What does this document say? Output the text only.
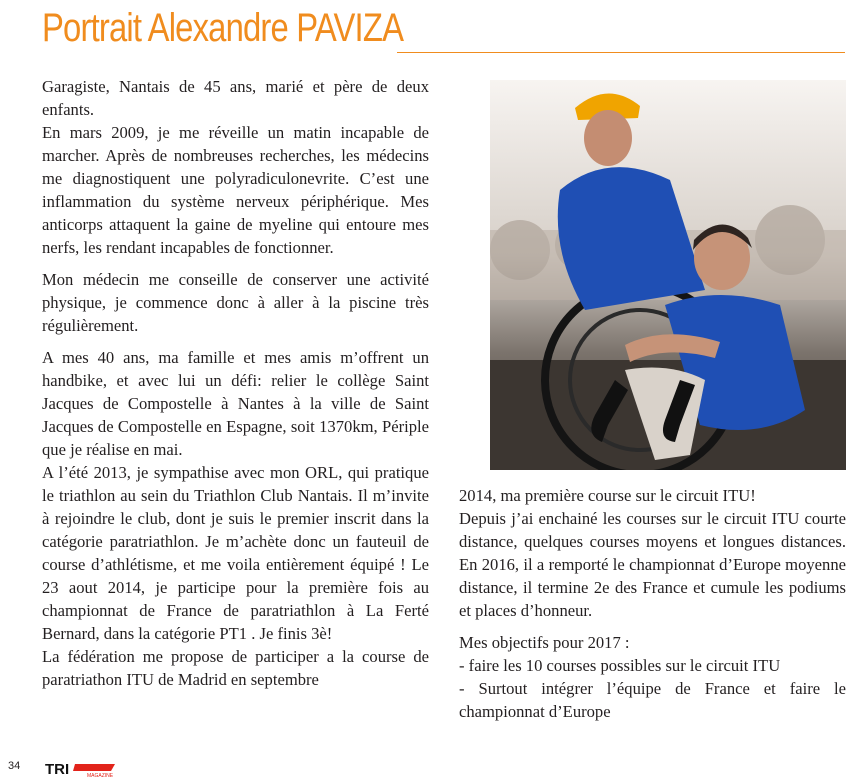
Portrait Alexandre PAVIZA

Garagiste, Nantais de 45 ans, marié et père de deux enfants.

En mars 2009, je me réveille un matin incapable de marcher. Après de nombreuses recherches, les médecins me diagnostiquent une polyradiculonevrite. C’est une inflammation du système nerveux périphérique. Mes anticorps attaquent la gaine de myeline qui entoure mes nerfs, les rendant incapables de fonctionner.

Mon médecin me conseille de conserver une activité physique, je commence donc à aller à la piscine très régulièrement.

A mes 40 ans, ma famille et mes amis m’offrent un handbike, et avec lui un défi: relier le collège Saint Jacques de Compostelle à Nantes à la ville de Saint Jacques de Compostelle en Espagne, soit 1370km, Périple que je réalise en mai.

A l’été 2013, je sympathise avec mon ORL, qui pratique le triathlon au sein du Triathlon Club Nantais. Il m’invite à rejoindre le club, dont je suis le premier inscrit dans la catégorie paratriathlon. Je m’achète donc un fauteuil de course d’athlétisme, et me voila entièrement équipé ! Le 23 aout 2014, je participe pour la première fois au championnat de France de paratriathlon à La Ferté Bernard, dans la catégorie PT1 . Je finis 3è!

La fédération me propose de participer a la course de paratriathon ITU de Madrid en septembre

2014, ma première course sur le circuit ITU!

Depuis j’ai enchainé les courses sur le circuit ITU courte distance, quelques courses moyens et longues distances. En 2016, il a remporté le championnat d’Europe moyenne distance, il termine 2e des France et cumule les podiums et places d’honneur.

Mes objectifs pour 2017 :

- faire les 10 courses possibles sur le circuit ITU

- Surtout intégrer l’équipe de France et faire le championnat d’Europe

34 TRI	MAGAZINE
